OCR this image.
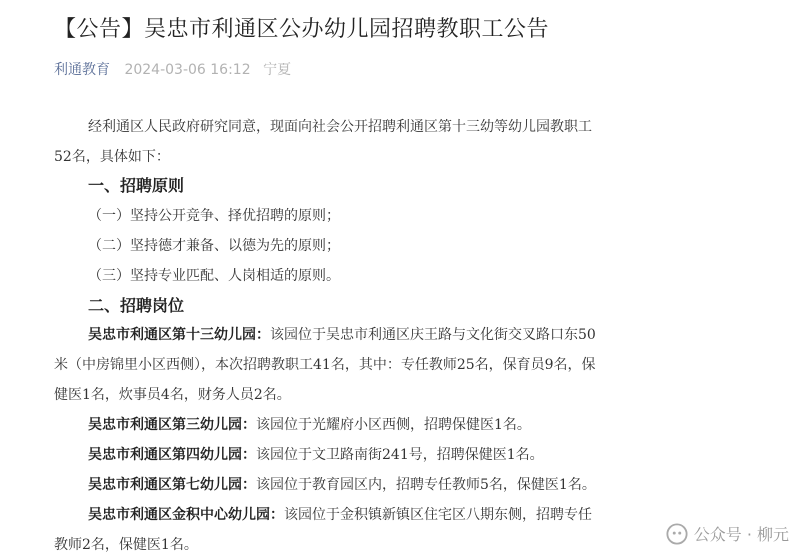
【公告】吴忠市利通区公办幼儿园招聘教职工公告
利通教育 2024-03-06 16:12 宁夏
经利通区人民政府研究同意，现面向社会公开招聘利通区第十三幼等幼儿园教职工
52名，具体如下：
一、招聘原则
（一）坚持公开竞争、择优招聘的原则；
（二）坚持德才兼备、以德为先的原则；
（三）坚持专业匹配、人岗相适的原则。
二、招聘岗位
吴忠市利通区第十三幼儿园：该园位于吴忠市利通区庆王路与文化街交叉路口东50
米（中房锦里小区西侧），本次招聘教职工41名，其中：专任教师25名，保育员9名，保
健医1名，炊事员4名，财务人员2名。
吴忠市利通区第三幼儿园：该园位于光耀府小区西侧，招聘保健医1名。
吴忠市利通区第四幼儿园：该园位于文卫路南街241号，招聘保健医1名。
吴忠市利通区第七幼儿园：该园位于教育园区内，招聘专任教师5名，保健医1名。
吴忠市利通区金积中心幼儿园：该园位于金积镇新镇区住宅区八期东侧，招聘专任
教师2名，保健医1名。
公众号 · 柳元
